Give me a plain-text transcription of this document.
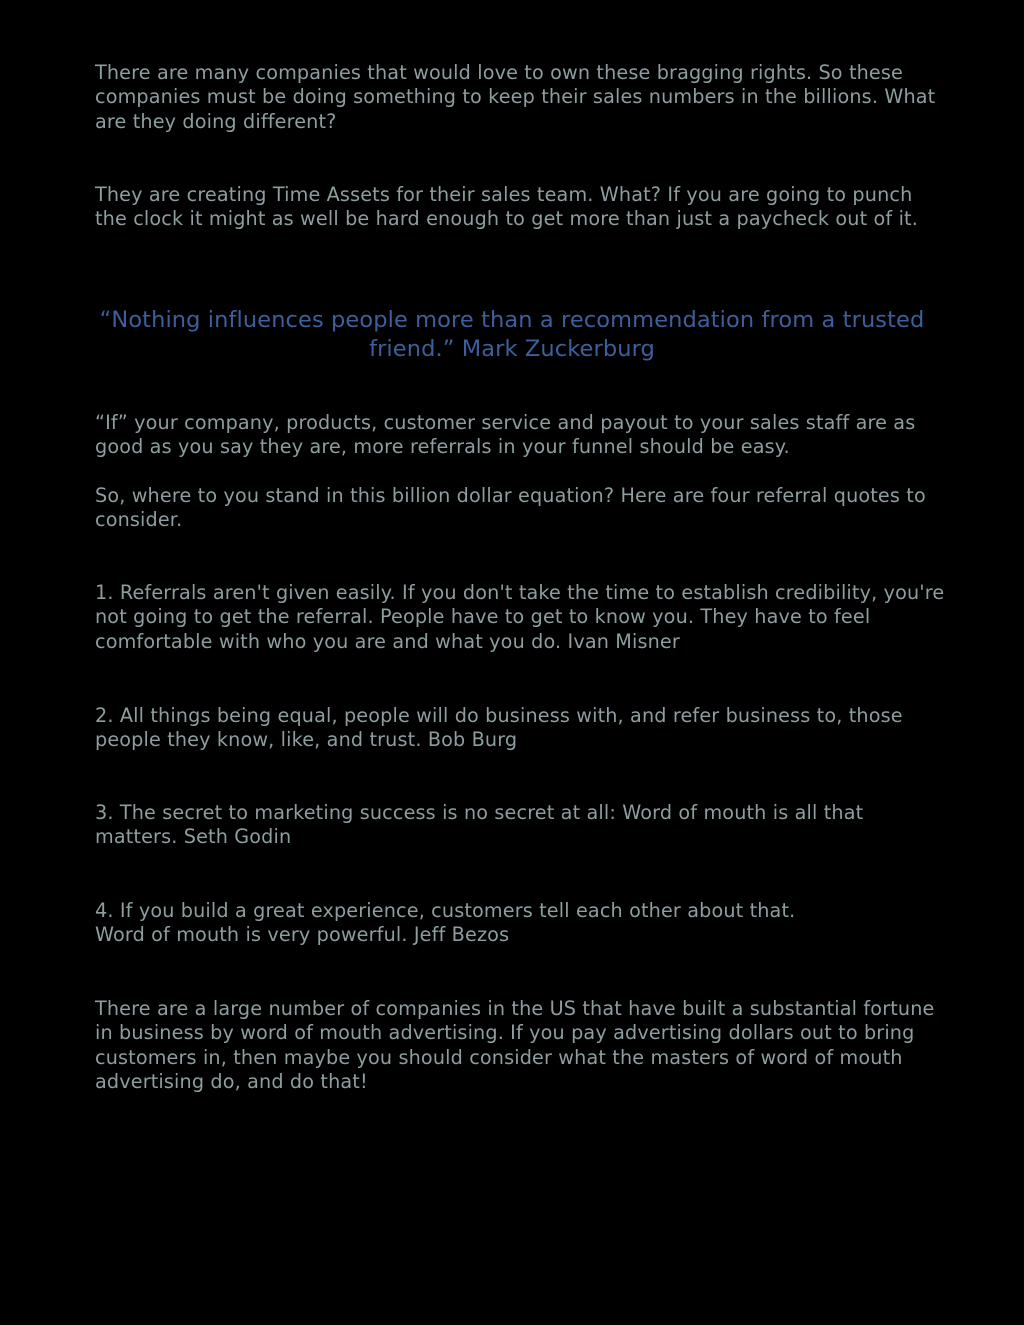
There are many companies that would love to own these bragging rights. So these companies must be doing something to keep their sales numbers in the billions. What are they doing different?

They are creating Time Assets for their sales team. What? If you are going to punch the clock it might as well be hard enough to get more than just a paycheck out of it.

“Nothing influences people more than a recommendation from a trusted friend.” Mark Zuckerburg

“If” your company, products, customer service and payout to your sales staff are as good as you say they are, more referrals in your funnel should be easy.

So, where to you stand in this billion dollar equation? Here are four referral quotes to consider.

1. Referrals aren't given easily. If you don't take the time to establish credibility, you're not going to get the referral. People have to get to know you. They have to feel comfortable with who you are and what you do. Ivan Misner

2. All things being equal, people will do business with, and refer business to, those people they know, like, and trust. Bob Burg

3. The secret to marketing success is no secret at all: Word of mouth is all that matters. Seth Godin

4. If you build a great experience, customers tell each other about that.
Word of mouth is very powerful. Jeff Bezos

There are a large number of companies in the US that have built a substantial fortune in business by word of mouth advertising. If you pay advertising dollars out to bring customers in, then maybe you should consider what the masters of word of mouth advertising do, and do that!
